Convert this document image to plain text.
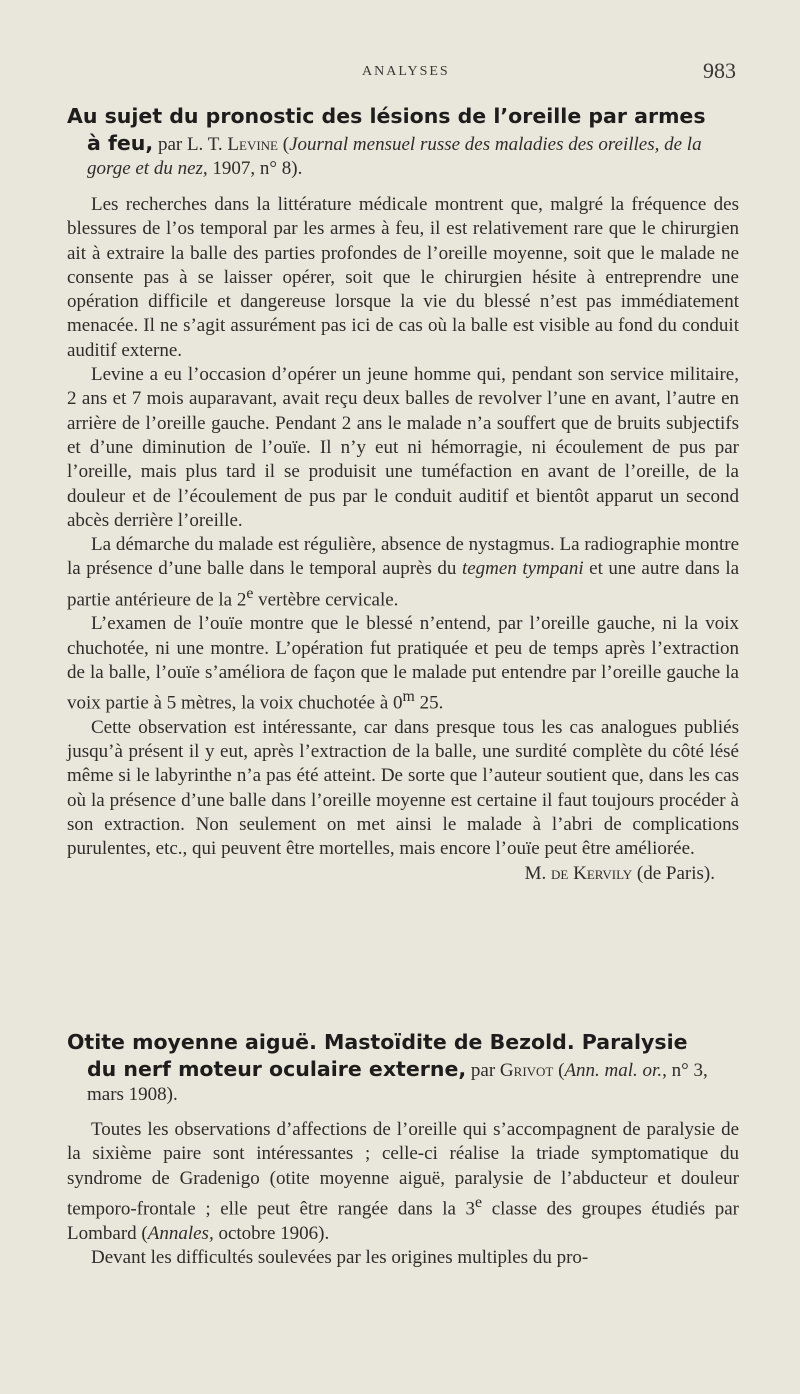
ANALYSES	983
Au sujet du pronostic des lésions de l’oreille par armes
à feu, par L. T. Levine (Journal mensuel russe des maladies des oreilles, de la gorge et du nez, 1907, n° 8).

Les recherches dans la littérature médicale montrent que, malgré la fréquence des blessures de l’os temporal par les armes à feu, il est relativement rare que le chirurgien ait à extraire la balle des parties profondes de l’oreille moyenne, soit que le malade ne consente pas à se laisser opérer, soit que le chirurgien hésite à entreprendre une opération difficile et dangereuse lorsque la vie du blessé n’est pas immédiatement menacée. Il ne s’agit assurément pas ici de cas où la balle est visible au fond du conduit auditif externe.

Levine a eu l’occasion d’opérer un jeune homme qui, pendant son service militaire, 2 ans et 7 mois auparavant, avait reçu deux balles de revolver l’une en avant, l’autre en arrière de l’oreille gauche. Pendant 2 ans le malade n’a souffert que de bruits subjectifs et d’une diminution de l’ouïe. Il n’y eut ni hémorragie, ni écoulement de pus par l’oreille, mais plus tard il se produisit une tuméfaction en avant de l’oreille, de la douleur et de l’écoulement de pus par le conduit auditif et bientôt apparut un second abcès derrière l’oreille.

La démarche du malade est régulière, absence de nystagmus. La radiographie montre la présence d’une balle dans le temporal auprès du tegmen tympani et une autre dans la partie antérieure de la 2e vertèbre cervicale.

L’examen de l’ouïe montre que le blessé n’entend, par l’oreille gauche, ni la voix chuchotée, ni une montre. L’opération fut pratiquée et peu de temps après l’extraction de la balle, l’ouïe s’améliora de façon que le malade put entendre par l’oreille gauche la voix partie à 5 mètres, la voix chuchotée à 0$^m$ 25.

Cette observation est intéressante, car dans presque tous les cas analogues publiés jusqu’à présent il y eut, après l’extraction de la balle, une surdité complète du côté lésé même si le labyrinthe n’a pas été atteint. De sorte que l’auteur soutient que, dans les cas où la présence d’une balle dans l’oreille moyenne est certaine il faut toujours procéder à son extraction. Non seulement on met ainsi le malade à l’abri de complications purulentes, etc., qui peuvent être mortelles, mais encore l’ouïe peut être améliorée.

M. de Kervily (de Paris).

Otite moyenne aiguë. Mastoïdite de Bezold. Paralysie
du nerf moteur oculaire externe, par Grivot (Ann. mal. or., n° 3, mars 1908).

Toutes les observations d’affections de l’oreille qui s’accompagnent de paralysie de la sixième paire sont intéressantes ; celle-ci réalise la triade symptomatique du syndrome de Gradenigo (otite moyenne aiguë, paralysie de l’abducteur et douleur temporo-frontale ; elle peut être rangée dans la 3e classe des groupes étudiés par Lombard (Annales, octobre 1906).

Devant les difficultés soulevées par les origines multiples du pro-
